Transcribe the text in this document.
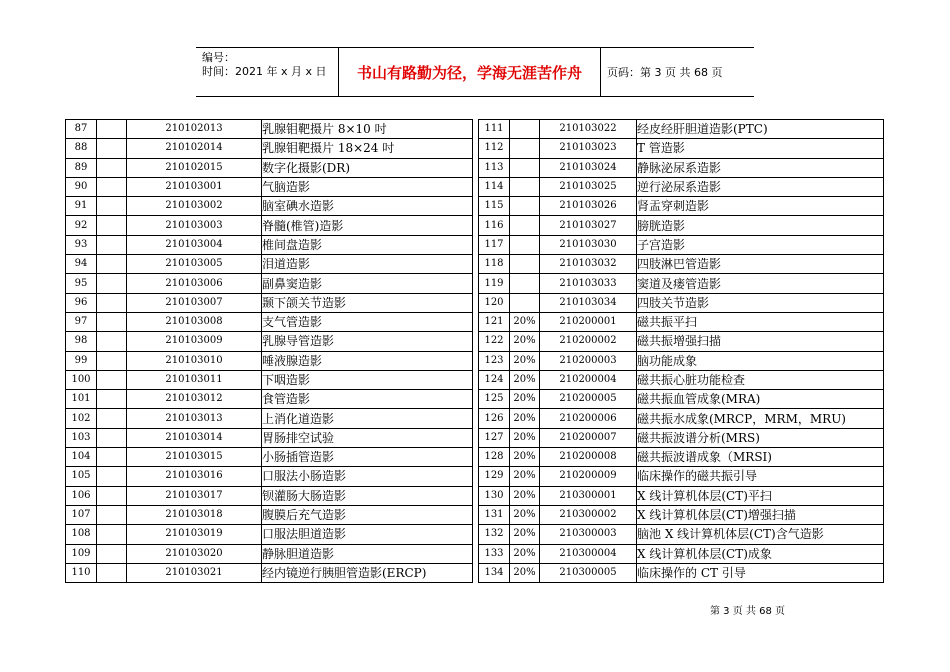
编号：
时间：2021 年 x 月 x 日	书山有路勤为径，学海无涯苦作舟	页码：第 3 页 共 68 页
87		210102013	乳腺钼靶摄片 8×10 吋
88		210102014	乳腺钼靶摄片 18×24 吋
89		210102015	数字化摄影(DR)
90		210103001	气脑造影
91		210103002	脑室碘水造影
92		210103003	脊髓(椎管)造影
93		210103004	椎间盘造影
94		210103005	泪道造影
95		210103006	副鼻窦造影
96		210103007	颞下颌关节造影
97		210103008	支气管造影
98		210103009	乳腺导管造影
99		210103010	唾液腺造影
100		210103011	下咽造影
101		210103012	食管造影
102		210103013	上消化道造影
103		210103014	胃肠排空试验
104		210103015	小肠插管造影
105		210103016	口服法小肠造影
106		210103017	钡灌肠大肠造影
107		210103018	腹膜后充气造影
108		210103019	口服法胆道造影
109		210103020	静脉胆道造影
110		210103021	经内镜逆行胰胆管造影(ERCP)
111		210103022	经皮经肝胆道造影(PTC)
112		210103023	T 管造影
113		210103024	静脉泌尿系造影
114		210103025	逆行泌尿系造影
115		210103026	肾盂穿刺造影
116		210103027	膀胱造影
117		210103030	子宫造影
118		210103032	四肢淋巴管造影
119		210103033	窦道及瘘管造影
120		210103034	四肢关节造影
121	20%	210200001	磁共振平扫
122	20%	210200002	磁共振增强扫描
123	20%	210200003	脑功能成象
124	20%	210200004	磁共振心脏功能检查
125	20%	210200005	磁共振血管成象(MRA)
126	20%	210200006	磁共振水成象(MRCP，MRM，MRU)
127	20%	210200007	磁共振波谱分析(MRS)
128	20%	210200008	磁共振波谱成象（MRSI)
129	20%	210200009	临床操作的磁共振引导
130	20%	210300001	X 线计算机体层(CT)平扫
131	20%	210300002	X 线计算机体层(CT)增强扫描
132	20%	210300003	脑池 X 线计算机体层(CT)含气造影
133	20%	210300004	X 线计算机体层(CT)成象
134	20%	210300005	临床操作的 CT 引导
第 3 页 共 68 页
